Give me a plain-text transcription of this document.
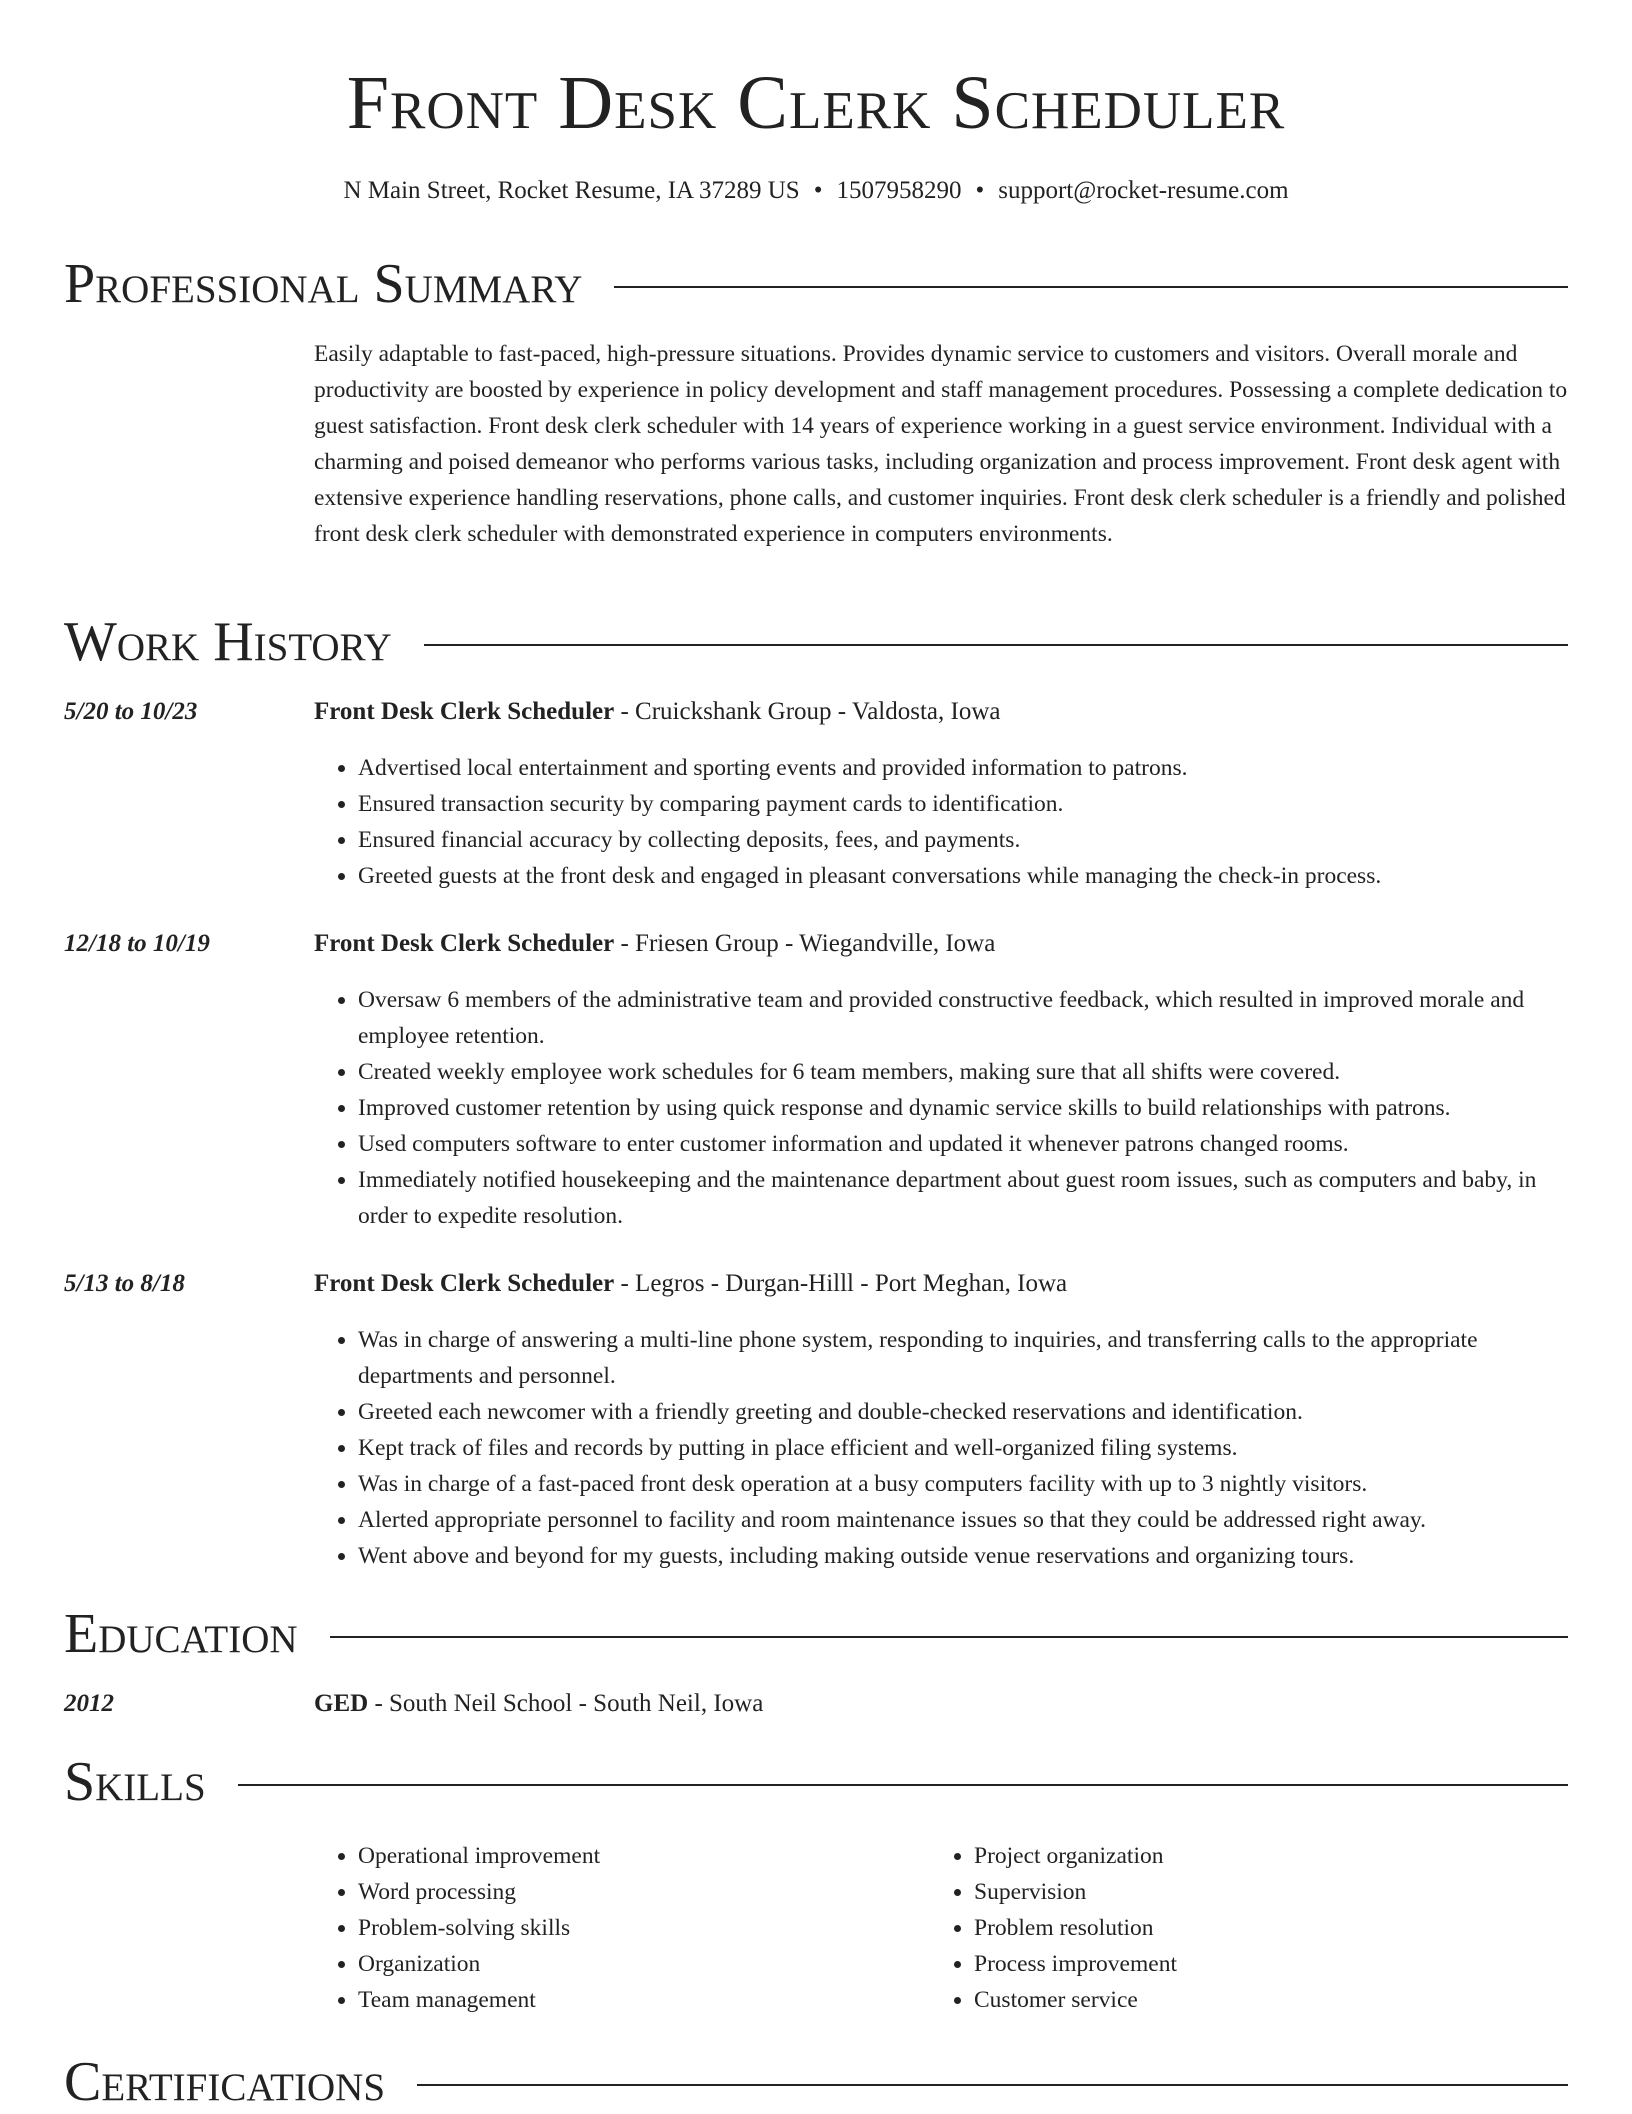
Front Desk Clerk Scheduler
N Main Street, Rocket Resume, IA 37289 US • 1507958290 • support@rocket-resume.com
Professional Summary
Easily adaptable to fast-paced, high-pressure situations. Provides dynamic service to customers and visitors. Overall morale and productivity are boosted by experience in policy development and staff management procedures. Possessing a complete dedication to guest satisfaction. Front desk clerk scheduler with 14 years of experience working in a guest service environment. Individual with a charming and poised demeanor who performs various tasks, including organization and process improvement. Front desk agent with extensive experience handling reservations, phone calls, and customer inquiries. Front desk clerk scheduler is a friendly and polished front desk clerk scheduler with demonstrated experience in computers environments.
Work History
5/20 to 10/23	Front Desk Clerk Scheduler - Cruickshank Group - Valdosta, Iowa
• Advertised local entertainment and sporting events and provided information to patrons.
• Ensured transaction security by comparing payment cards to identification.
• Ensured financial accuracy by collecting deposits, fees, and payments.
• Greeted guests at the front desk and engaged in pleasant conversations while managing the check-in process.
12/18 to 10/19	Front Desk Clerk Scheduler - Friesen Group - Wiegandville, Iowa
• Oversaw 6 members of the administrative team and provided constructive feedback, which resulted in improved morale and employee retention.
• Created weekly employee work schedules for 6 team members, making sure that all shifts were covered.
• Improved customer retention by using quick response and dynamic service skills to build relationships with patrons.
• Used computers software to enter customer information and updated it whenever patrons changed rooms.
• Immediately notified housekeeping and the maintenance department about guest room issues, such as computers and baby, in order to expedite resolution.
5/13 to 8/18	Front Desk Clerk Scheduler - Legros - Durgan-Hilll - Port Meghan, Iowa
• Was in charge of answering a multi-line phone system, responding to inquiries, and transferring calls to the appropriate departments and personnel.
• Greeted each newcomer with a friendly greeting and double-checked reservations and identification.
• Kept track of files and records by putting in place efficient and well-organized filing systems.
• Was in charge of a fast-paced front desk operation at a busy computers facility with up to 3 nightly visitors.
• Alerted appropriate personnel to facility and room maintenance issues so that they could be addressed right away.
• Went above and beyond for my guests, including making outside venue reservations and organizing tours.
Education
2012	GED - South Neil School - South Neil, Iowa
Skills
• Operational improvement
• Word processing
• Problem-solving skills
• Organization
• Team management
• Project organization
• Supervision
• Problem resolution
• Process improvement
• Customer service
Certifications
